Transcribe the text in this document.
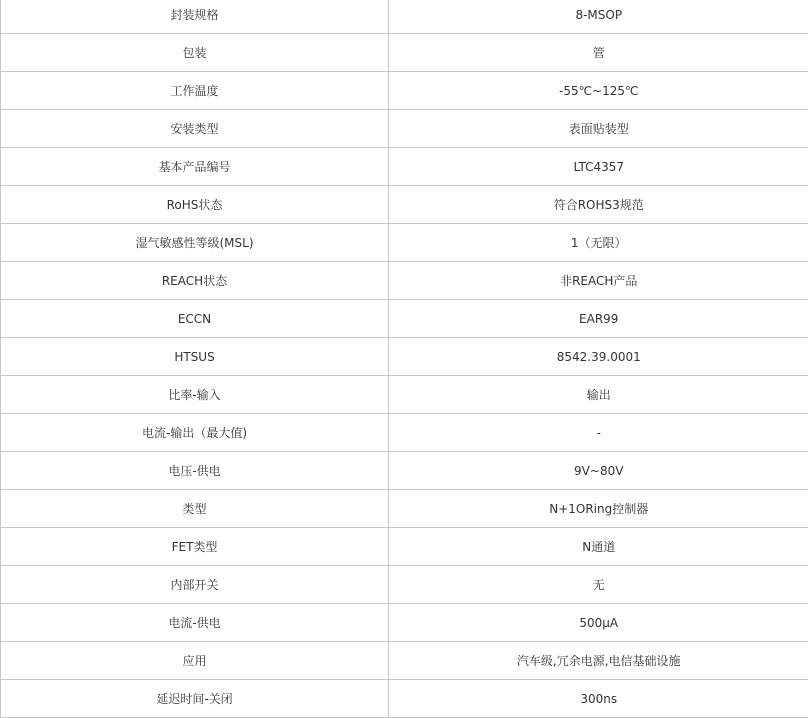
封装规格	8-MSOP
包装	管
工作温度	-55℃~125℃
安装类型	表面贴装型
基本产品编号	LTC4357
RoHS状态	符合ROHS3规范
湿气敏感性等级(MSL)	1（无限）
REACH状态	非REACH产品
ECCN	EAR99
HTSUS	8542.39.0001
比率-输入	输出
电流-输出（最大值)	-
电压-供电	9V~80V
类型	N+1ORing控制器
FET类型	N通道
内部开关	无
电流-供电	500µA
应用	汽车级,冗余电源,电信基础设施
延迟时间-关闭	300ns
